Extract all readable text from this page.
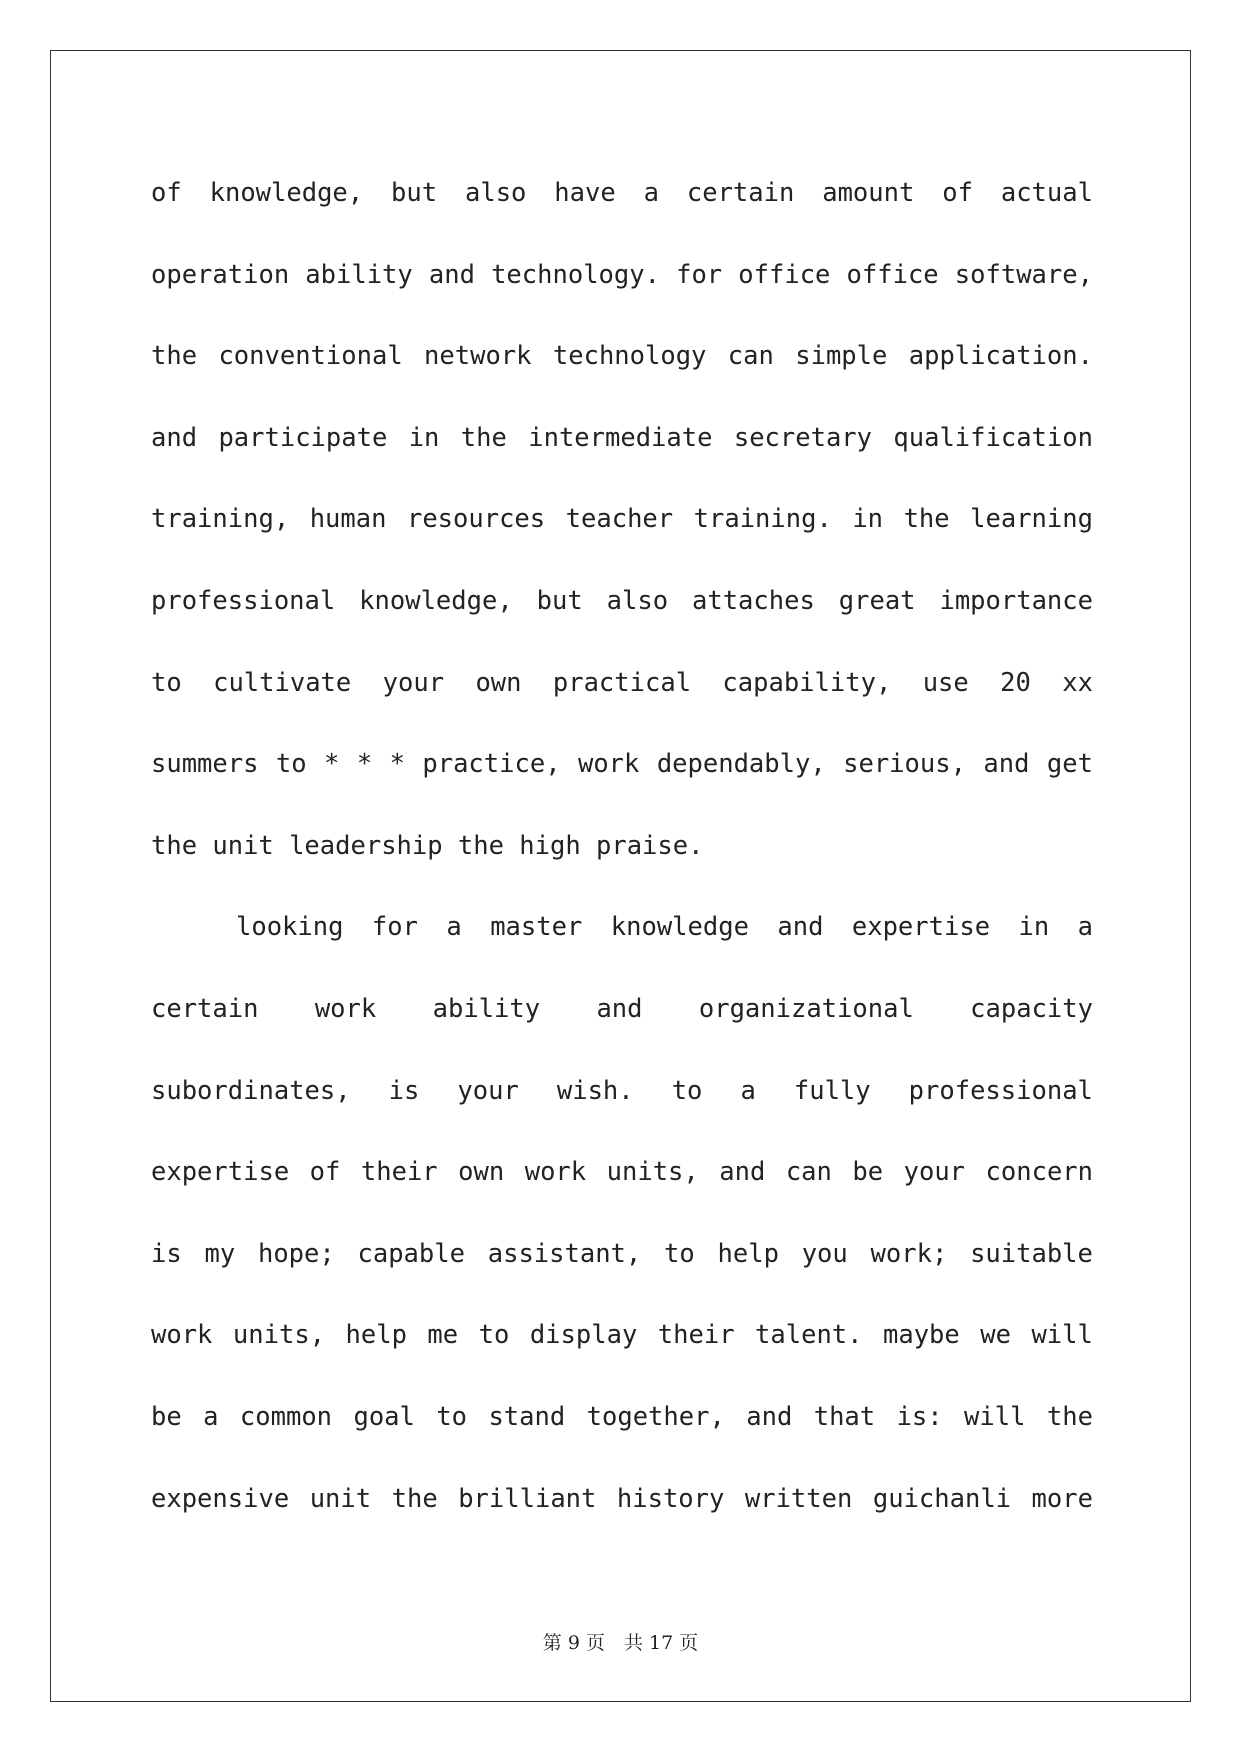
of knowledge, but also have a certain amount of actual
operation ability and technology. for office office software,
the conventional network technology can simple application.
and participate in the intermediate secretary qualification
training, human resources teacher training. in the learning
professional knowledge, but also attaches great importance
to cultivate your own practical capability, use 20 xx
summers to * * * practice, work dependably, serious, and get
the unit leadership the high praise.
looking for a master knowledge and expertise in a
certain work ability and organizational capacity
subordinates, is your wish. to a fully professional
expertise of their own work units, and can be your concern
is my hope; capable assistant, to help you work; suitable
work units, help me to display their talent. maybe we will
be a common goal to stand together, and that is: will the
expensive unit the brilliant history written guichanli more
第 9 页　共 17 页
